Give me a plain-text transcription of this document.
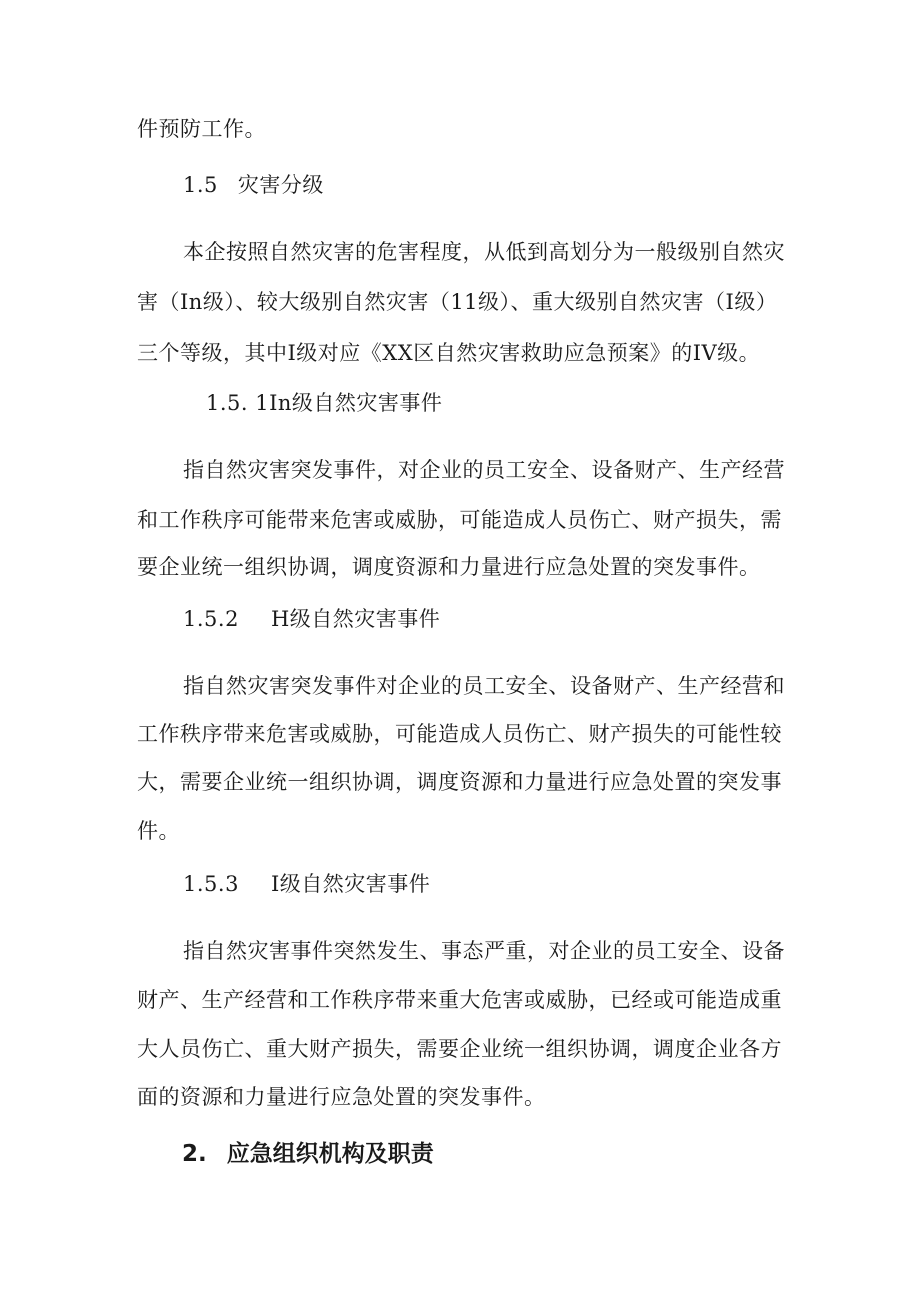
件预防工作。
1.5 灾害分级
本企按照自然灾害的危害程度，从低到高划分为一般级别自然灾
害（In级）、较大级别自然灾害（11级）、重大级别自然灾害（I级）
三个等级，其中I级对应《XX区自然灾害救助应急预案》的IV级。
1.5. 1In级自然灾害事件
指自然灾害突发事件，对企业的员工安全、设备财产、生产经营
和工作秩序可能带来危害或威胁，可能造成人员伤亡、财产损失，需
要企业统一组织协调，调度资源和力量进行应急处置的突发事件。
1.5.2 H级自然灾害事件
指自然灾害突发事件对企业的员工安全、设备财产、生产经营和
工作秩序带来危害或威胁，可能造成人员伤亡、财产损失的可能性较
大，需要企业统一组织协调，调度资源和力量进行应急处置的突发事
件。
1.5.3 I级自然灾害事件
指自然灾害事件突然发生、事态严重，对企业的员工安全、设备
财产、生产经营和工作秩序带来重大危害或威胁，已经或可能造成重
大人员伤亡、重大财产损失，需要企业统一组织协调，调度企业各方
面的资源和力量进行应急处置的突发事件。
2. 应急组织机构及职责
